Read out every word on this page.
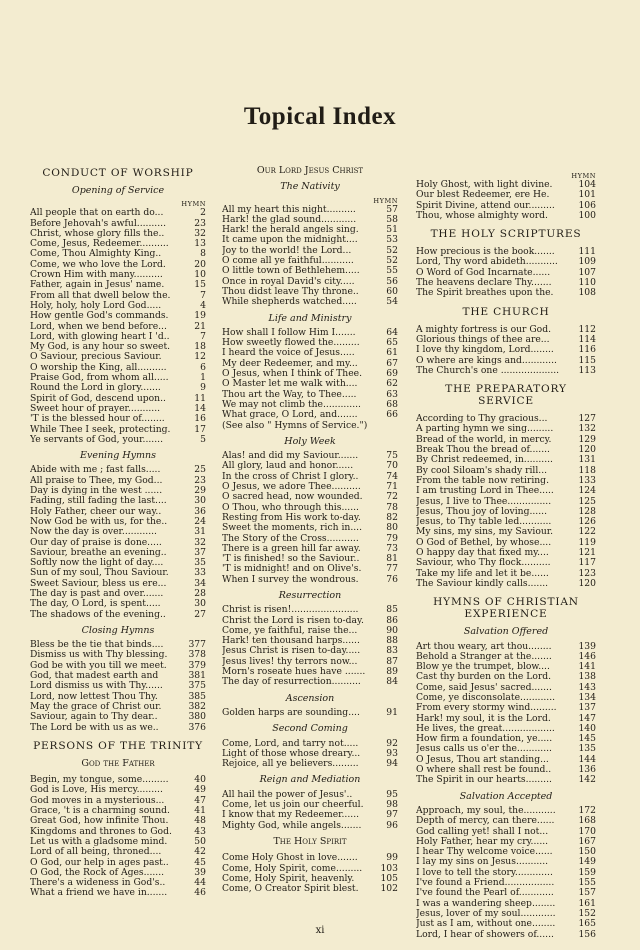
Topical Index
CONDUCT OF WORSHIP
Opening of Service
HYMN
All people that on earth do...	2
Before Jehovah's awful..........	23
Christ, whose glory fills the..	32
Come, Jesus, Redeemer..........	13
Come, Thou Almighty King..	8
Come, we who love the Lord.	20
Crown Him with many..........	10
Father, again in Jesus' name.	15
From all that dwell below the.	7
Holy, holy, holy Lord God.....	4
How gentle God's commands.	19
Lord, when we bend before...	21
Lord, with glowing heart I 'd..	7
My God, is any hour so sweet.	18
O Saviour, precious Saviour.	12
O worship the King, all..........	6
Praise God, from whom all.....	1
Round the Lord in glory.......	9
Spirit of God, descend upon..	11
Sweet hour of prayer...........	14
'T is the blessed hour of........	16
While Thee I seek, protecting.	17
Ye servants of God, your.......	5
Evening Hymns
Abide with me ; fast falls.....	25
All praise to Thee, my God...	23
Day is dying in the west ......	29
Fading, still fading the last....	30
Holy Father, cheer our way..	36
Now God be with us, for the..	24
Now the day is over............	31
Our day of praise is done.....	32
Saviour, breathe an evening..	37
Softly now the light of day....	35
Sun of my soul, Thou Saviour.	33
Sweet Saviour, bless us ere...	34
The day is past and over.......	28
The day, O Lord, is spent.....	30
The shadows of the evening..	27
Closing Hymns
Bless be the tie that binds....	377
Dismiss us with Thy blessing.	378
God be with you till we meet.	379
God, that madest earth and	381
Lord dismiss us with Thy......	375
Lord, now lettest Thou Thy.	385
May the grace of Christ our.	382
Saviour, again to Thy dear..	380
The Lord be with us as we..	376
PERSONS OF THE TRINITY
God the Father
Begin, my tongue, some.........	40
God is Love, His mercy.........	49
God moves in a mysterious...	47
Grace, 't is a charming sound.	41
Great God, how infinite Thou.	48
Kingdoms and thrones to God.	43
Let us with a gladsome mind.	50
Lord of all being, throned....	42
O God, our help in ages past..	45
O God, the Rock of Ages.......	39
There's a wideness in God's..	44
What a friend we have in.......	46
Our Lord Jesus Christ
The Nativity
HYMN
All my heart this night..........	57
Hark! the glad sound............	58
Hark! the herald angels sing.	51
It came upon the midnight....	53
Joy to the world! the Lord...	52
O come all ye faithful...........	52
O little town of Bethlehem.....	55
Once in royal David's city.....	56
Thou didst leave Thy throne..	60
While shepherds watched.....	54
Life and Ministry
How shall I follow Him I.......	64
How sweetly flowed the.........	65
I heard the voice of Jesus.....	61
My deer Redeemer, and my...	67
O Jesus, when I think of Thee.	69
O Master let me walk with....	62
Thou art the Way, to Thee.....	63
We may not climb the.............	68
What grace, O Lord, and.......	66
(See also " Hymns of Service.")
Holy Week
Alas! and did my Saviour.......	75
All glory, laud and honor......	70
In the cross of Christ I glory..	74
O Jesus, we adore Thee..........	71
O sacred head, now wounded.	72
O Thou, who through this......	78
Resting from His work to-day.	82
Sweet the moments, rich in....	80
The Story of the Cross...........	79
There is a green hill far away.	73
'T is finished! so the Saviour..	81
'T is midnight! and on Olive's.	77
When I survey the wondrous.	76
Resurrection
Christ is risen!.......................	85
Christ the Lord is risen to-day.	86
Come, ye faithful, raise the...	90
Hark! ten thousand harps......	88
Jesus Christ is risen to-day.....	83
Jesus lives! thy terrors now...	87
Morn's roseate hues have .......	89
The day of resurrection..........	84
Ascension
Golden harps are sounding....	91
Second Coming
Come, Lord, and tarry not.....	92
Light of those whose dreary...	93
Rejoice, all ye believers.........	94
Reign and Mediation
All hail the power of Jesus'..	95
Come, let us join our cheerful.	98
I know that my Redeemer......	97
Mighty God, while angels.......	96
The Holy Spirit
Come Holy Ghost in love.......	99
Come, Holy Spirit, come.........	103
Come, Holy Spirit, heavenly.	105
Come, O Creator Spirit blest.	102
HYMN
Holy Ghost, with light divine.	104
Our blest Redeemer, ere He.	101
Spirit Divine, attend our.........	106
Thou, whose almighty word.	100
THE HOLY SCRIPTURES
How precious is the book.......	111
Lord, Thy word abideth...........	109
O Word of God Incarnate......	107
The heavens declare Thy.......	110
The Spirit breathes upon the.	108
THE CHURCH
A mighty fortress is our God.	112
Glorious things of thee are...	114
I love thy kingdom, Lord........	116
O where are kings and............	115
The Church's one ....................	113
THE PREPARATORY
SERVICE
According to Thy gracious...	127
A parting hymn we sing.........	132
Bread of the world, in mercy.	129
Break Thou the bread of.......	120
By Christ redeemed, in..........	131
By cool Siloam's shady rill...	118
From the table now retiring.	133
I am trusting Lord in Thee.....	124
Jesus, I live to Thee...............	125
Jesus, Thou joy of loving......	128
Jesus, to Thy table led...........	126
My sins, my sins, my Saviour.	122
O God of Bethel, by whose....	119
O happy day that fixed my....	121
Saviour, who Thy flock..........	117
Take my life and let it be......	123
The Saviour kindly calls.......	120
HYMNS OF CHRISTIAN
EXPERIENCE
Salvation Offered
Art thou weary, art thou........	139
Behold a Stranger at the.......	146
Blow ye the trumpet, blow....	141
Cast thy burden on the Lord.	138
Come, said Jesus' sacred.......	143
Come, ye disconsolate............	134
From every stormy wind.........	137
Hark! my soul, it is the Lord.	147
He lives, the great..................	140
How firm a foundation, ye.....	145
Jesus calls us o'er the............	135
O Jesus, Thou art standing...	144
O where shall rest be found..	136
The Spirit in our hearts.........	142
Salvation Accepted
Approach, my soul, the...........	172
Depth of mercy, can there......	168
God calling yet! shall I not...	170
Holy Father, hear my cry......	167
I hear Thy welcome voice......	150
I lay my sins on Jesus...........	149
I love to tell the story.............	159
I've found a Friend.................	155
I've found the Pearl of............	157
I was a wandering sheep........	161
Jesus, lover of my soul............	152
Just as I am, without one........	165
Lord, I hear of showers of......	156
xi
